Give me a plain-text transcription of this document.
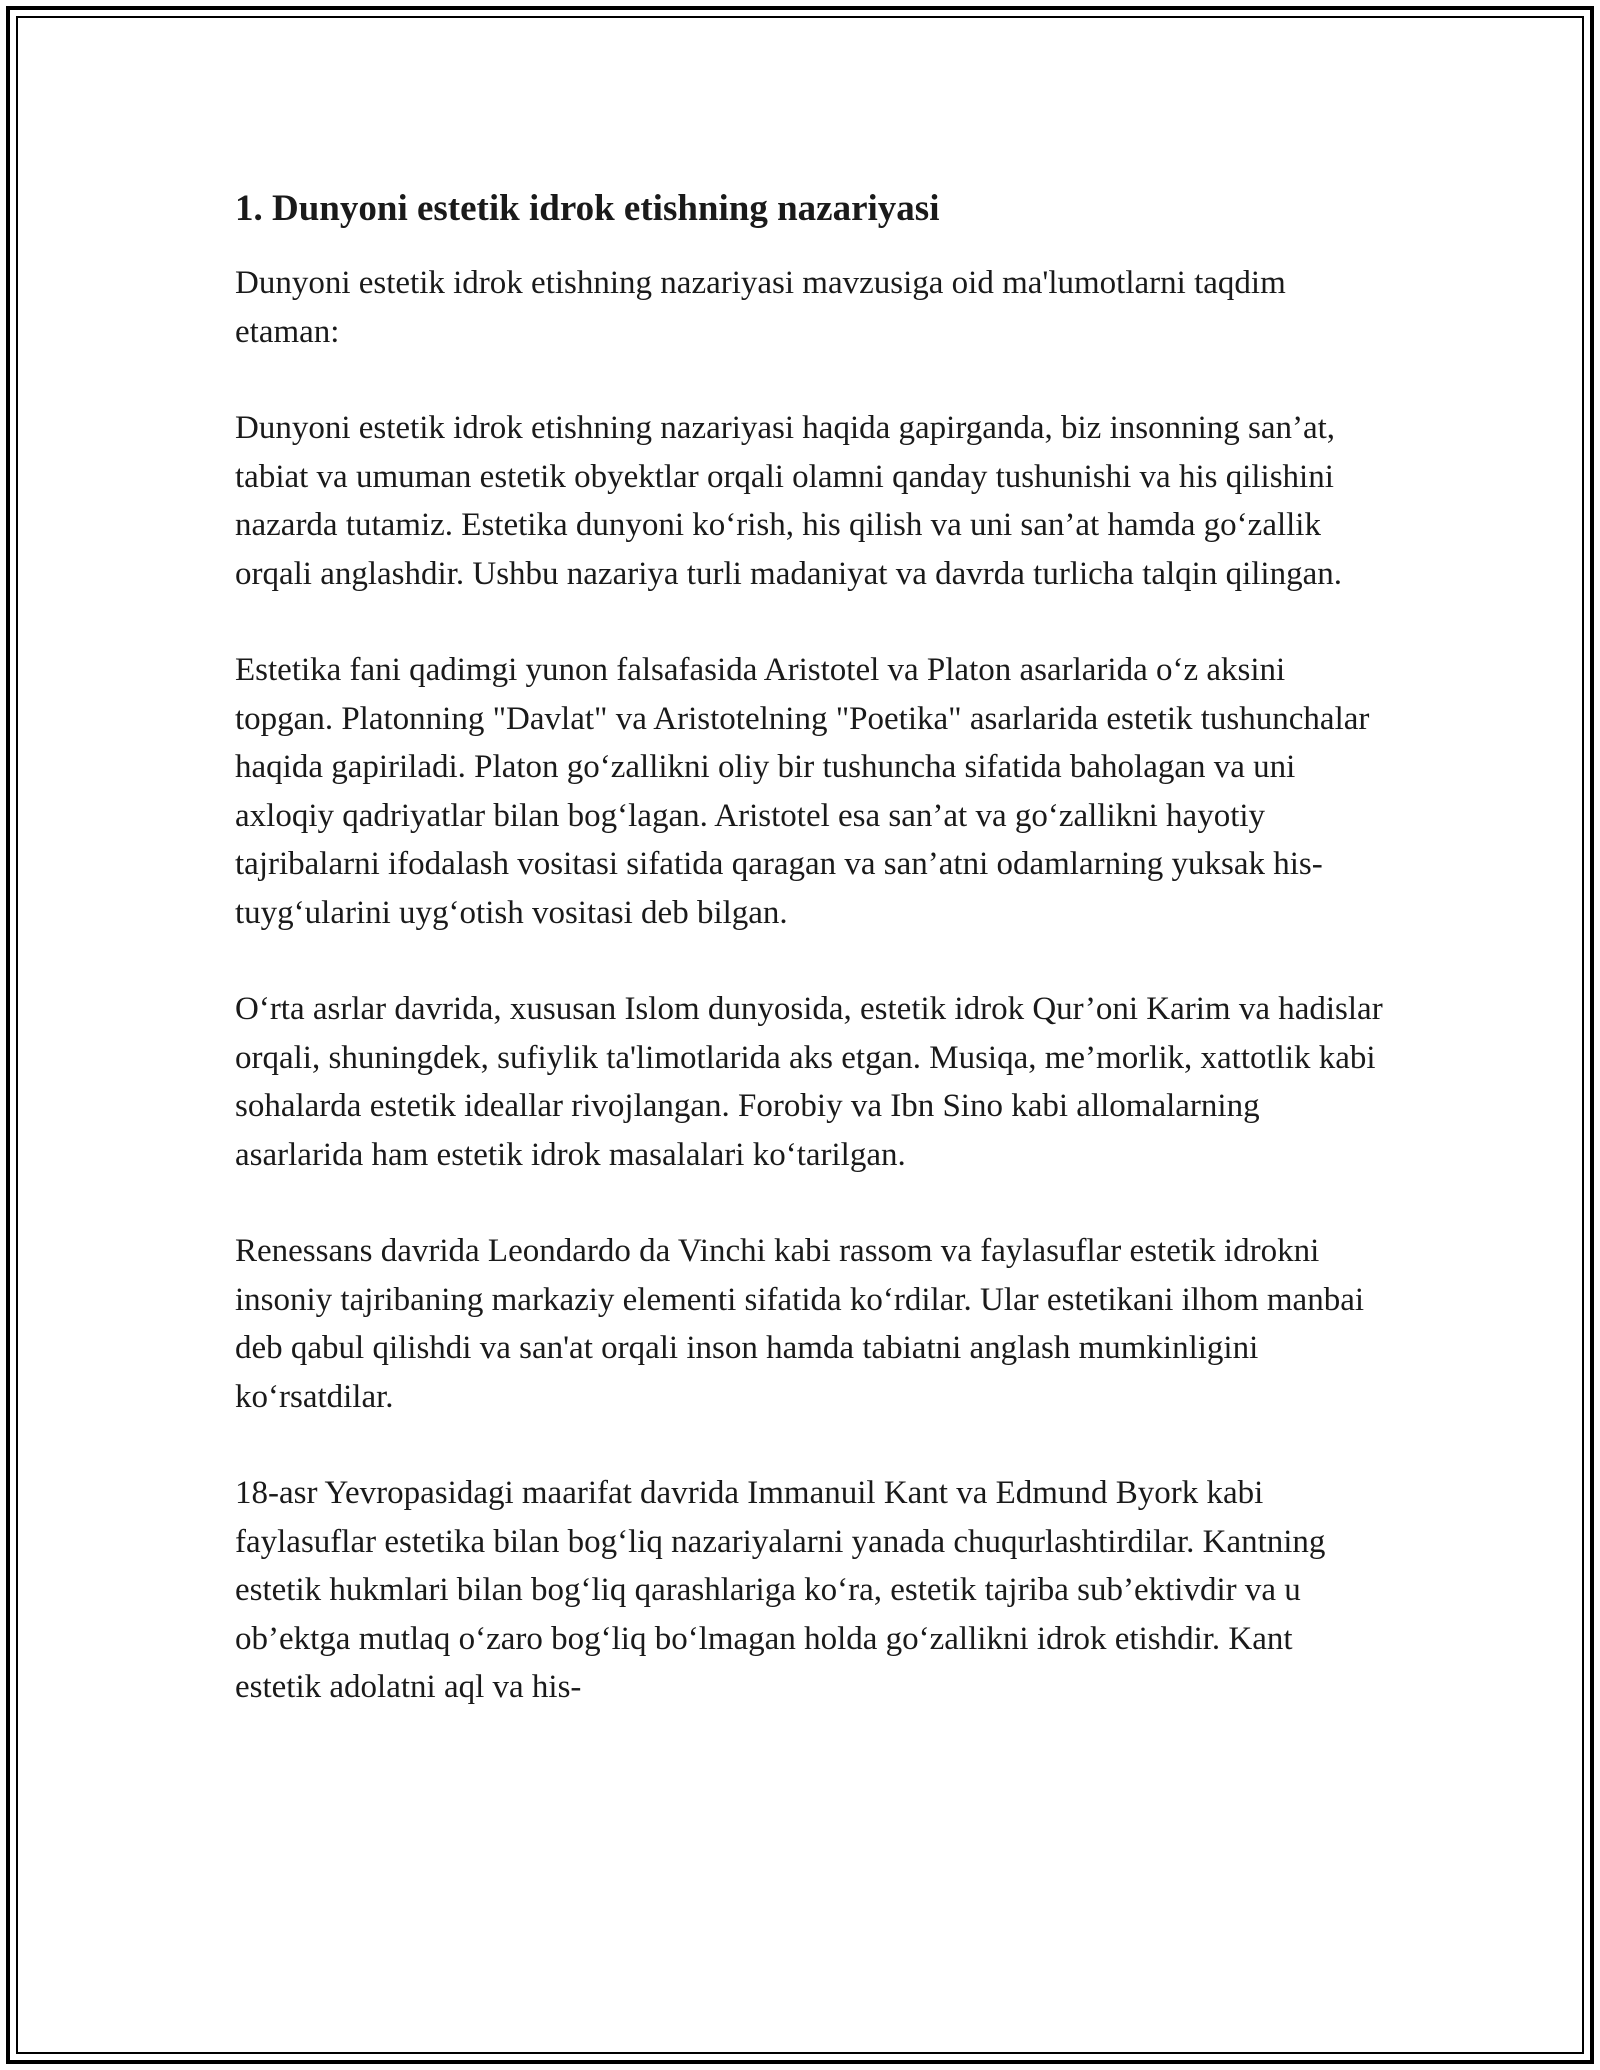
1. Dunyoni estetik idrok etishning nazariyasi

Dunyoni estetik idrok etishning nazariyasi mavzusiga oid ma'lumotlarni taqdim etaman:

Dunyoni estetik idrok etishning nazariyasi haqida gapirganda, biz insonning san’at, tabiat va umuman estetik obyektlar orqali olamni qanday tushunishi va his qilishini nazarda tutamiz. Estetika dunyoni ko‘rish, his qilish va uni san’at hamda go‘zallik orqali anglashdir. Ushbu nazariya turli madaniyat va davrda turlicha talqin qilingan.

Estetika fani qadimgi yunon falsafasida Aristotel va Platon asarlarida o‘z aksini topgan. Platonning "Davlat" va Aristotelning "Poetika" asarlarida estetik tushunchalar haqida gapiriladi. Platon go‘zallikni oliy bir tushuncha sifatida baholagan va uni axloqiy qadriyatlar bilan bog‘lagan. Aristotel esa san’at va go‘zallikni hayotiy tajribalarni ifodalash vositasi sifatida qaragan va san’atni odamlarning yuksak his-tuyg‘ularini uyg‘otish vositasi deb bilgan.

O‘rta asrlar davrida, xususan Islom dunyosida, estetik idrok Qur’oni Karim va hadislar orqali, shuningdek, sufiylik ta'limotlarida aks etgan. Musiqa, me’morlik, xattotlik kabi sohalarda estetik ideallar rivojlangan. Forobiy va Ibn Sino kabi allomalarning asarlarida ham estetik idrok masalalari ko‘tarilgan.

Renessans davrida Leondardo da Vinchi kabi rassom va faylasuflar estetik idrokni insoniy tajribaning markaziy elementi sifatida ko‘rdilar. Ular estetikani ilhom manbai deb qabul qilishdi va san'at orqali inson hamda tabiatni anglash mumkinligini ko‘rsatdilar.

18-asr Yevropasidagi maarifat davrida Immanuil Kant va Edmund Byork kabi faylasuflar estetika bilan bog‘liq nazariyalarni yanada chuqurlashtirdilar. Kantning estetik hukmlari bilan bog‘liq qarashlariga ko‘ra, estetik tajriba sub’ektivdir va u ob’ektga mutlaq o‘zaro bog‘liq bo‘lmagan holda go‘zallikni idrok etishdir. Kant estetik adolatni aql va his-
